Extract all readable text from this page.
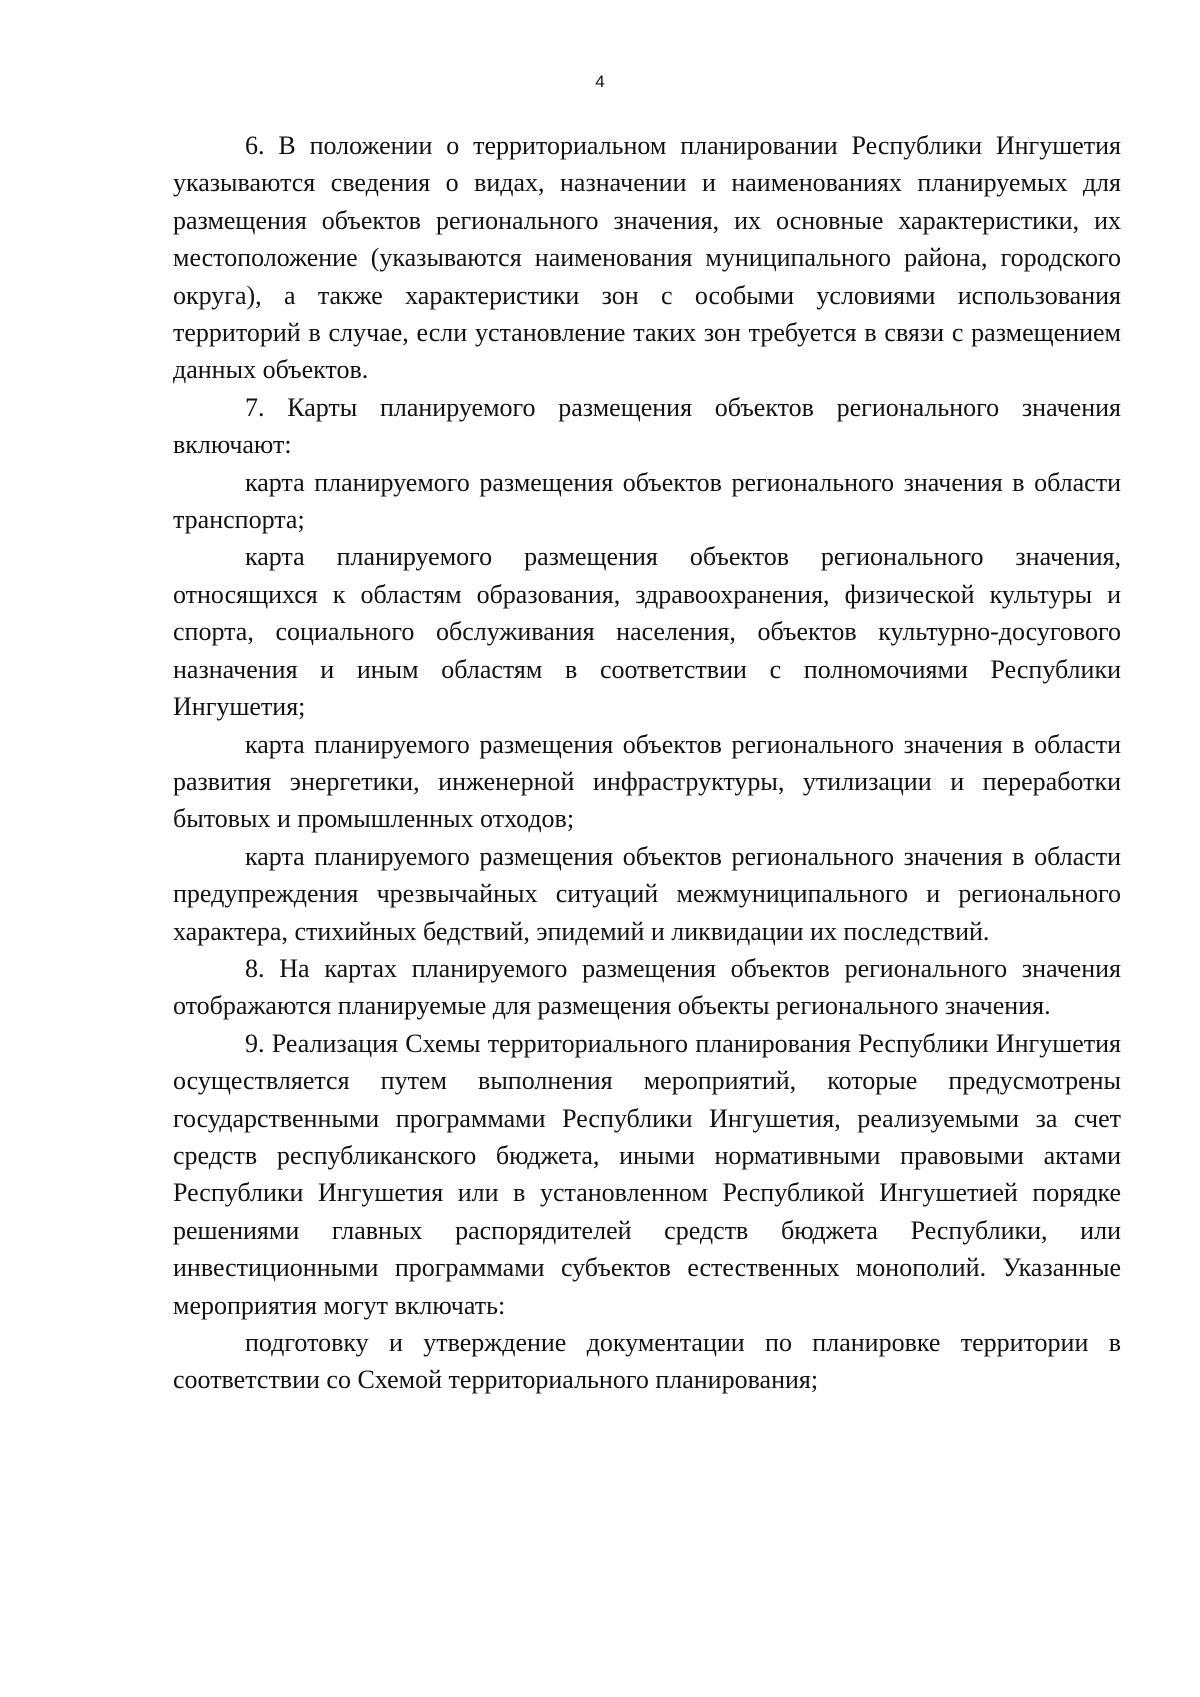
4

6. В положении о территориальном планировании Республики Ингушетия указываются сведения о видах, назначении и наименованиях планируемых для размещения объектов регионального значения, их основные характеристики, их местоположение (указываются наименования муниципального района, городского округа), а также характеристики зон с особыми условиями использования территорий в случае, если установление таких зон требуется в связи с размещением данных объектов.

7. Карты планируемого размещения объектов регионального значения включают:

карта планируемого размещения объектов регионального значения в области транспорта;

карта планируемого размещения объектов регионального значения, относящихся к областям образования, здравоохранения, физической культуры и спорта, социального обслуживания населения, объектов культурно-досугового назначения и иным областям в соответствии с полномочиями Республики Ингушетия;

карта планируемого размещения объектов регионального значения в области развития энергетики, инженерной инфраструктуры, утилизации и переработки бытовых и промышленных отходов;

карта планируемого размещения объектов регионального значения в области предупреждения чрезвычайных ситуаций межмуниципального и регионального характера, стихийных бедствий, эпидемий и ликвидации их последствий.

8. На картах планируемого размещения объектов регионального значения отображаются планируемые для размещения объекты регионального значения.

9. Реализация Схемы территориального планирования Республики Ингушетия осуществляется путем выполнения мероприятий, которые предусмотрены государственными программами Республики Ингушетия, реализуемыми за счет средств республиканского бюджета, иными нормативными правовыми актами Республики Ингушетия или в установленном Республикой Ингушетией порядке решениями главных распорядителей средств бюджета Республики, или инвестиционными программами субъектов естественных монополий. Указанные мероприятия могут включать:

подготовку и утверждение документации по планировке территории в соответствии со Схемой территориального планирования;
